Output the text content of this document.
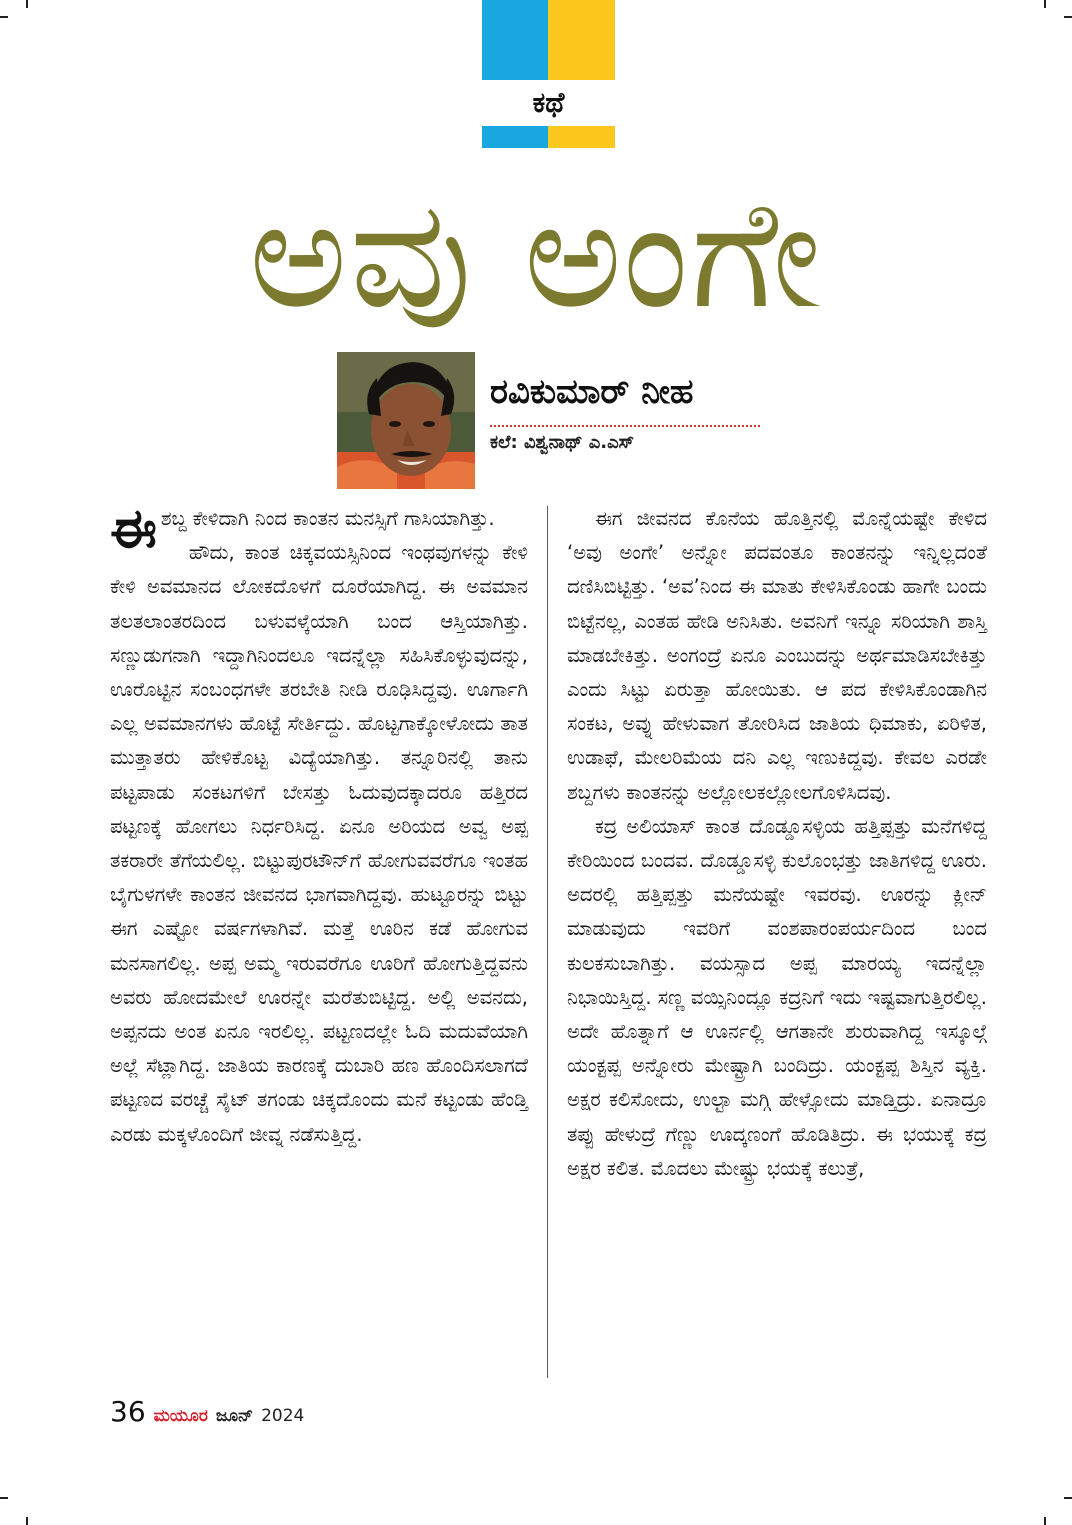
ಕಥೆ
ಅವು ಅಂಗೇ
ರವಿಕುಮಾರ್ ನೀಹ
ಕಲೆ: ವಿಶ್ವನಾಥ್ ಎ.ಎಸ್‌

ಈಶಬ್ದ ಕೇಳಿದಾಗಿ ನಿಂದ ಕಾಂತನ ಮನಸ್ಸಿಗೆ ಗಾಸಿಯಾಗಿತ್ತು.

ಹೌದು, ಕಾಂತ ಚಿಕ್ಕವಯಸ್ಸಿನಿಂದ ಇಂಥವುಗಳನ್ನು ಕೇಳಿ ಕೇಳಿ ಅವಮಾನದ ಲೋಕದೊಳಗೆ ದೂರೆಯಾಗಿದ್ದ. ಈ ಅವಮಾನ ತಲತಲಾಂತರದಿಂದ ಬಳುವಳ್ಕೆಯಾಗಿ ಬಂದ ಆಸ್ತಿಯಾಗಿತ್ತು. ಸಣ್ಣುಡುಗನಾಗಿ ಇದ್ದಾಗಿನಿಂದಲೂ ಇದನ್ನೆಲ್ಲಾ ಸಹಿಸಿಕೊಳ್ಳುವುದನ್ನು, ಊರೊಟ್ಟಿನ ಸಂಬಂಧಗಳೇ ತರಬೇತಿ ನೀಡಿ ರೂಢಿಸಿದ್ದವು. ಊರ್ಗಾಗಿ ಎಲ್ಲ ಅವಮಾನಗಳು ಹೊಟ್ಟೆ ಸೇರ್ತಿದ್ದು. ಹೊಟ್ಟಗಾಕ್ಕೋಳೋದು ತಾತ ಮುತ್ತಾತರು ಹೇಳಿಕೊಟ್ಟ ವಿದ್ಯೆಯಾಗಿತ್ತು. ತನ್ನೂರಿನಲ್ಲಿ ತಾನು ಪಟ್ಟಪಾಡು ಸಂಕಟಗಳಿಗೆ ಬೇಸತ್ತು ಓದುವುದಕ್ಕಾದರೂ ಹತ್ತಿರದ ಪಟ್ಟಣಕ್ಕೆ ಹೋಗಲು ನಿರ್ಧರಿಸಿದ್ದ. ಏನೂ ಅರಿಯದ ಅವ್ವ ಅಪ್ಪ ತಕರಾರೇ ತೆಗೆಯಲಿಲ್ಲ. ಬಿಟ್ಟುಪುರಟೌನ್‌ಗೆ ಹೋಗುವವರೆಗೂ ಇಂತಹ ಬೈಗುಳಗಳೇ ಕಾಂತನ ಜೀವನದ ಭಾಗವಾಗಿದ್ದವು. ಹುಟ್ಟೂರನ್ನು ಬಿಟ್ಟು ಈಗ ಎಷ್ಟೋ ವರ್ಷಗಳಾಗಿವೆ. ಮತ್ತೆ ಊರಿನ ಕಡೆ ಹೋಗುವ ಮನಸಾಗಲಿಲ್ಲ. ಅಪ್ಪ ಅಮ್ಮ ಇರುವರೆಗೂ ಊರಿಗೆ ಹೋಗುತ್ತಿದ್ದವನು ಅವರು ಹೋದಮೇಲೆ ಊರನ್ನೇ ಮರೆತುಬಿಟ್ಟಿದ್ದ. ಅಲ್ಲಿ ಅವನದು, ಅಪ್ಪನದು ಅಂತ ಏನೂ ಇರಲಿಲ್ಲ. ಪಟ್ಟಣದಲ್ಲೇ ಓದಿ ಮದುವೆಯಾಗಿ ಅಲ್ಲೆ ಸೆಟ್ಲಾಗಿದ್ದ. ಜಾತಿಯ ಕಾರಣಕ್ಕೆ ದುಬಾರಿ ಹಣ ಹೊಂದಿಸಲಾಗದೆ ಪಟ್ಟಣದ ವರಚ್ಚೆ ಸೈಟ್ ತಗಂಡು ಚಿಕ್ಕದೊಂದು ಮನೆ ಕಟ್ಟಂಡು ಹೆಂಡ್ತಿ ಎರಡು ಮಕ್ಕಳೊಂದಿಗೆ ಜೀವ್ನ ನಡೆಸುತ್ತಿದ್ದ.

ಈಗ ಜೀವನದ ಕೊನೆಯ ಹೊತ್ತಿನಲ್ಲಿ ಮೊನ್ನೆಯಷ್ಟೇ ಕೇಳಿದ ‘ಅವು ಅಂಗೇ’ ಅನ್ನೋ ಪದವಂತೂ ಕಾಂತನನ್ನು ಇನ್ನಿಲ್ಲದಂತೆ ದಣಿಸಿಬಿಟ್ಟಿತ್ತು. ‘ಅವ’ನಿಂದ ಈ ಮಾತು ಕೇಳಿಸಿಕೊಂಡು ಹಾಗೇ ಬಂದು ಬಿಟ್ಟೆನಲ್ಲ, ಎಂತಹ ಹೇಡಿ ಅನಿಸಿತು. ಅವನಿಗೆ ಇನ್ನೂ ಸರಿಯಾಗಿ ಶಾಸ್ತಿ ಮಾಡಬೇಕಿತ್ತು. ಅಂಗಂದ್ರೆ ಏನೂ ಎಂಬುದನ್ನು ಅರ್ಥಮಾಡಿಸಬೇಕಿತ್ತು ಎಂದು ಸಿಟ್ಟು ಏರುತ್ತಾ ಹೋಯಿತು. ಆ ಪದ ಕೇಳಿಸಿಕೊಂಡಾಗಿನ ಸಂಕಟ, ಅವ್ನು ಹೇಳುವಾಗ ತೋರಿಸಿದ ಜಾತಿಯ ಧಿಮಾಕು, ಏರಿಳಿತ, ಉಡಾಫೆ, ಮೇಲರಿಮೆಯ ದನಿ ಎಲ್ಲ ಇಣುಕಿದ್ದವು. ಕೇವಲ ಎರಡೇ ಶಬ್ದಗಳು ಕಾಂತನನ್ನು ಅಲ್ಲೋಲಕಲ್ಲೋಲಗೊಳಿಸಿದವು.

ಕದ್ರ ಅಲಿಯಾಸ್ ಕಾಂತ ದೊಡ್ಡೂಸಳ್ಳಿಯ ಹತ್ತಿಪ್ಪತ್ತು ಮನೆಗಳಿದ್ದ ಕೇರಿಯಿಂದ ಬಂದವ. ದೊಡ್ಡೂಸಳ್ಳಿ ಕುಲೊಂಭತ್ತು ಜಾತಿಗಳಿದ್ದ ಊರು. ಅದರಲ್ಲಿ ಹತ್ತಿಪ್ಪತ್ತು ಮನೆಯಷ್ಟೇ ಇವರವು. ಊರನ್ನು ಕ್ಲೀನ್ ಮಾಡುವುದು ಇವರಿಗೆ ವಂಶಪಾರಂಪರ್ಯದಿಂದ ಬಂದ ಕುಲಕಸುಬಾಗಿತ್ತು. ವಯಸ್ಸಾದ ಅಪ್ಪ ಮಾರಯ್ಯ ಇದನ್ನೆಲ್ಲಾ ನಿಭಾಯಿಸ್ತಿದ್ದ. ಸಣ್ಣ ವಯ್ಸಿನಿಂದ್ಲೂ ಕದ್ರನಿಗೆ ಇದು ಇಷ್ಟವಾಗುತ್ತಿರಲಿಲ್ಲ. ಅದೇ ಹೊತ್ನಾಗೆ ಆ ಊರ್ನಲ್ಲಿ ಆಗತಾನೇ ಶುರುವಾಗಿದ್ದ ಇಸ್ಕೂಲ್ಗೆ ಯಂಕ್ಟಪ್ಪ ಅನ್ನೋರು ಮೇಷ್ಟ್ರಾಗಿ ಬಂದಿದ್ರು. ಯಂಕ್ಟಪ್ಪ ಶಿಸ್ತಿನ ವ್ಯಕ್ತಿ. ಅಕ್ಷರ ಕಲಿಸೋದು, ಉಲ್ಟಾ ಮಗ್ಗಿ ಹೇಳ್ಸೋದು ಮಾಡ್ತಿದ್ರು. ಏನಾದ್ರೂ ತಪ್ಪು ಹೇಳುದ್ರೆ ಗೆಣ್ಣು ಊದ್ಕಣಂಗೆ ಹೊಡಿತಿದ್ರು. ಈ ಭಯುಕ್ಕೆ ಕದ್ರ ಅಕ್ಷರ ಕಲಿತ. ಮೊದಲು ಮೇಷ್ಟ್ರು ಭಯಕ್ಕೆ ಕಲುತ್ರೆ,

36 ಮಯೂರ ಜೂನ್ 2024
